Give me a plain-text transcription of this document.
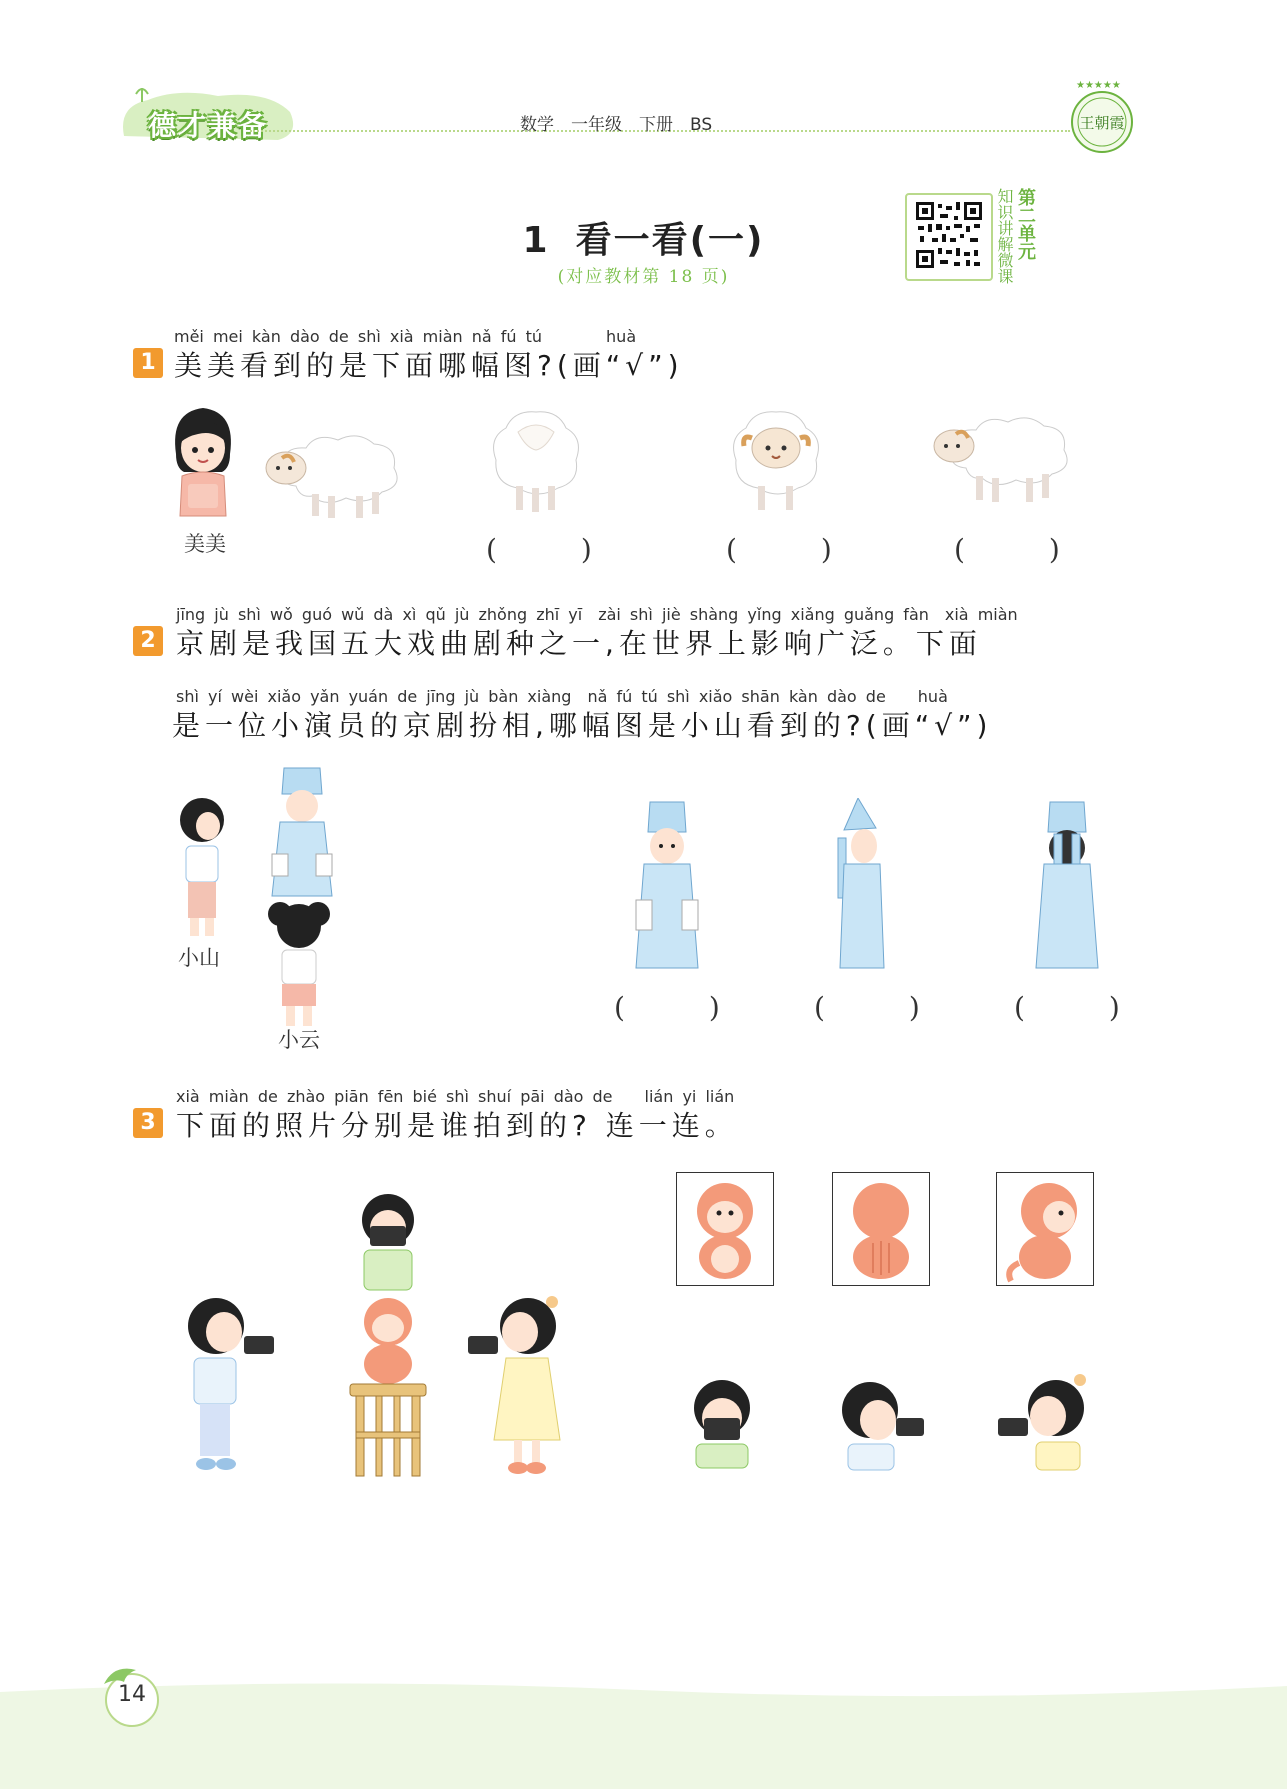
德才兼备	数学　一年级　下册　BS
★★★★★
王朝霞
1 看一看(一)
(对应教材第 18 页)	知识讲解微课 第二单元
měi mei kàn dào de shì xià miàn nǎ fú tú　　　　huà
1 美美看到的是下面哪幅图?(画“√”)
美美	(　　　)	(　　　)	(　　　)
jīng jù shì wǒ guó wǔ dà xì qǔ jù zhǒng zhī yī　zài shì jiè shàng yǐng xiǎng guǎng fàn　xià miàn
2 京剧是我国五大戏曲剧种之一,在世界上影响广泛。下面
shì yí wèi xiǎo yǎn yuán de jīng jù bàn xiàng　nǎ fú tú shì xiǎo shān kàn dào de　　huà
是一位小演员的京剧扮相,哪幅图是小山看到的?(画“√”)
小山
小云
(　　　)	(　　　)	(　　　)
xià miàn de zhào piān fēn bié shì shuí pāi dào de　　lián yi lián
3 下面的照片分别是谁拍到的? 连一连。
14
